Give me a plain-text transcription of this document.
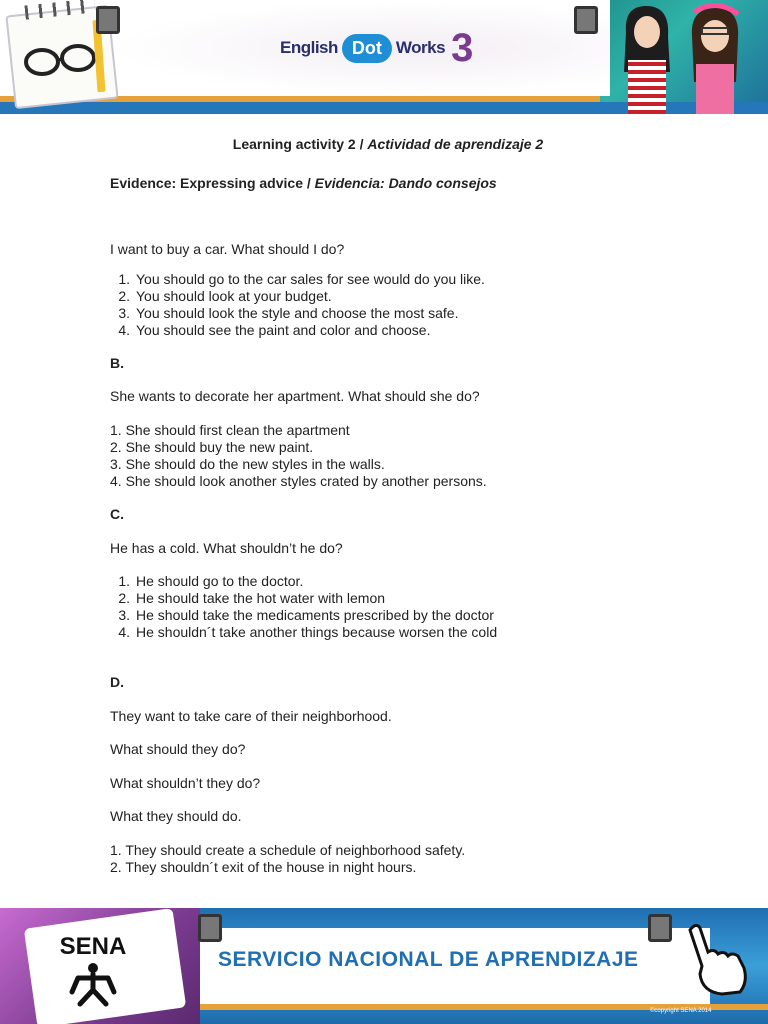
English Dot Works 3
Learning activity 2 / Actividad de aprendizaje 2
Evidence: Expressing advice / Evidencia: Dando consejos
I want to buy a car. What should I do?
1. You should go to the car sales for see would do you like.
2. You should look at your budget.
3. You should look the style and choose the most safe.
4. You should see the paint and color and choose.
B.
She wants to decorate her apartment. What should she do?
1. She should first clean the apartment
2. She should buy the new paint.
3. She should do the new styles in the walls.
4. She should look another styles crated by another persons.
C.
He has a cold. What shouldn’t he do?
1. He should go to the doctor.
2. He should take the hot water with lemon
3. He should take the medicaments prescribed by the doctor
4. He shouldn´t take another things because worsen the cold
D.
They want to take care of their neighborhood.
What should they do?
What shouldn’t they do?
What they should do.
1. They should create a schedule of neighborhood safety.
2. They shouldn´t exit of the house in night hours.
SENA	SERVICIO NACIONAL DE APRENDIZAJE
©copyright SENA 2014
